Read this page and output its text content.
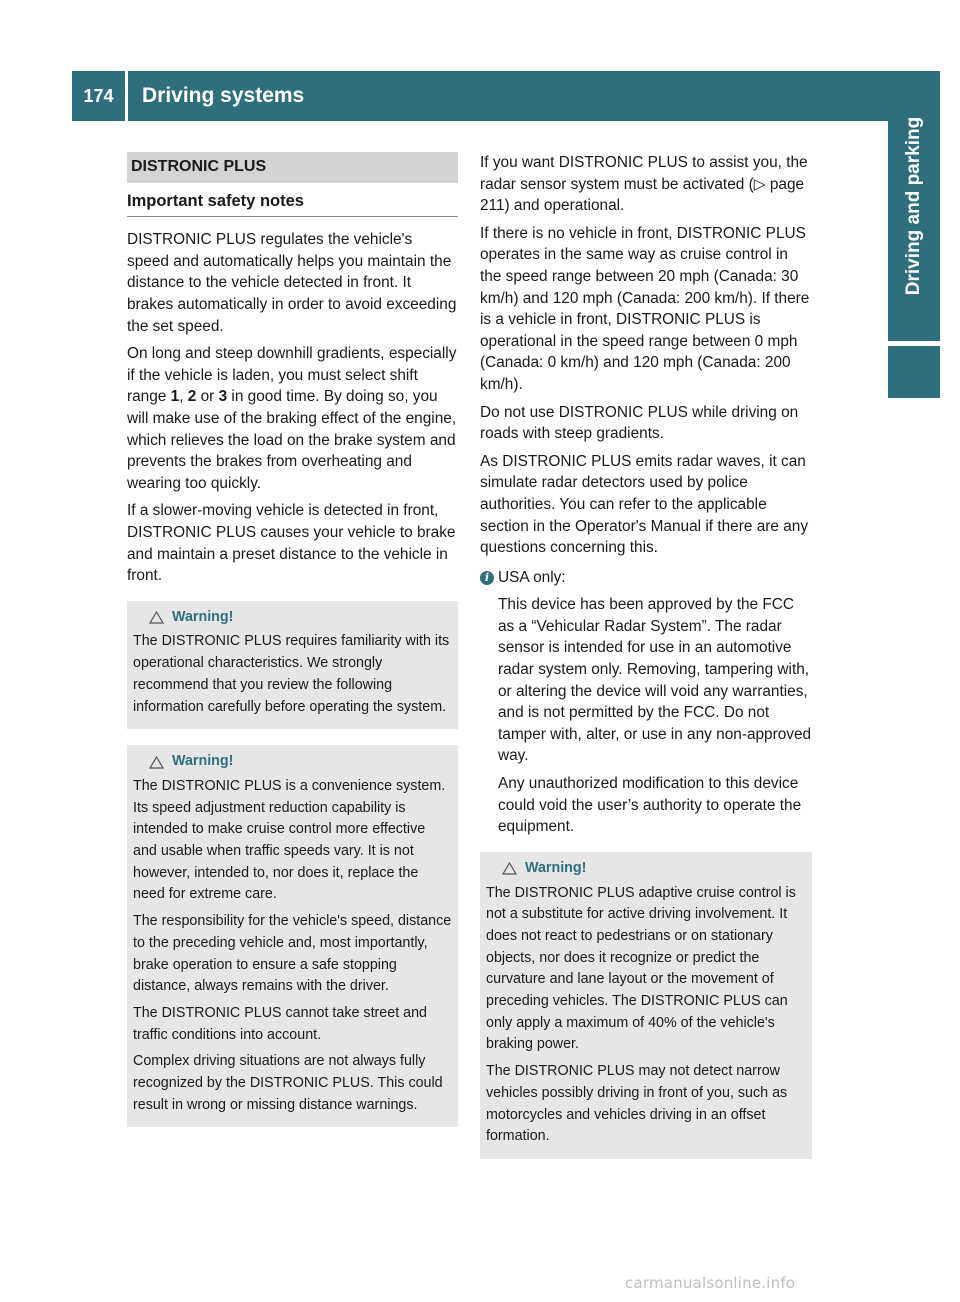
174	Driving systems
Driving and parking
DISTRONIC PLUS
Important safety notes

DISTRONIC PLUS regulates the vehicle's speed and automatically helps you maintain the distance to the vehicle detected in front. It brakes automatically in order to avoid exceeding the set speed.

On long and steep downhill gradients, especially if the vehicle is laden, you must select shift range 1, 2 or 3 in good time. By doing so, you will make use of the braking effect of the engine, which relieves the load on the brake system and prevents the brakes from overheating and wearing too quickly.

If a slower-moving vehicle is detected in front, DISTRONIC PLUS causes your vehicle to brake and maintain a preset distance to the vehicle in front.

Warning!

The DISTRONIC PLUS requires familiarity with its operational characteristics. We strongly recommend that you review the following information carefully before operating the system.

Warning!

The DISTRONIC PLUS is a convenience system. Its speed adjustment reduction capability is intended to make cruise control more effective and usable when traffic speeds vary. It is not however, intended to, nor does it, replace the need for extreme care.

The responsibility for the vehicle's speed, distance to the preceding vehicle and, most importantly, brake operation to ensure a safe stopping distance, always remains with the driver.

The DISTRONIC PLUS cannot take street and traffic conditions into account.

Complex driving situations are not always fully recognized by the DISTRONIC PLUS. This could result in wrong or missing distance warnings.

If you want DISTRONIC PLUS to assist you, the radar sensor system must be activated (▷ page 211) and operational.

If there is no vehicle in front, DISTRONIC PLUS operates in the same way as cruise control in the speed range between 20 mph (Canada: 30 km/h) and 120 mph (Canada: 200 km/h). If there is a vehicle in front, DISTRONIC PLUS is operational in the speed range between 0 mph (Canada: 0 km/h) and 120 mph (Canada: 200 km/h).

Do not use DISTRONIC PLUS while driving on roads with steep gradients.

As DISTRONIC PLUS emits radar waves, it can simulate radar detectors used by police authorities. You can refer to the applicable section in the Operator's Manual if there are any questions concerning this.

i USA only:

This device has been approved by the FCC as a “Vehicular Radar System”. The radar sensor is intended for use in an automotive radar system only. Removing, tampering with, or altering the device will void any warranties, and is not permitted by the FCC. Do not tamper with, alter, or use in any non-approved way.

Any unauthorized modification to this device could void the user’s authority to operate the equipment.

Warning!

The DISTRONIC PLUS adaptive cruise control is not a substitute for active driving involvement. It does not react to pedestrians or on stationary objects, nor does it recognize or predict the curvature and lane layout or the movement of preceding vehicles. The DISTRONIC PLUS can only apply a maximum of 40% of the vehicle's braking power.

The DISTRONIC PLUS may not detect narrow vehicles possibly driving in front of you, such as motorcycles and vehicles driving in an offset formation.

carmanualsonline.info
